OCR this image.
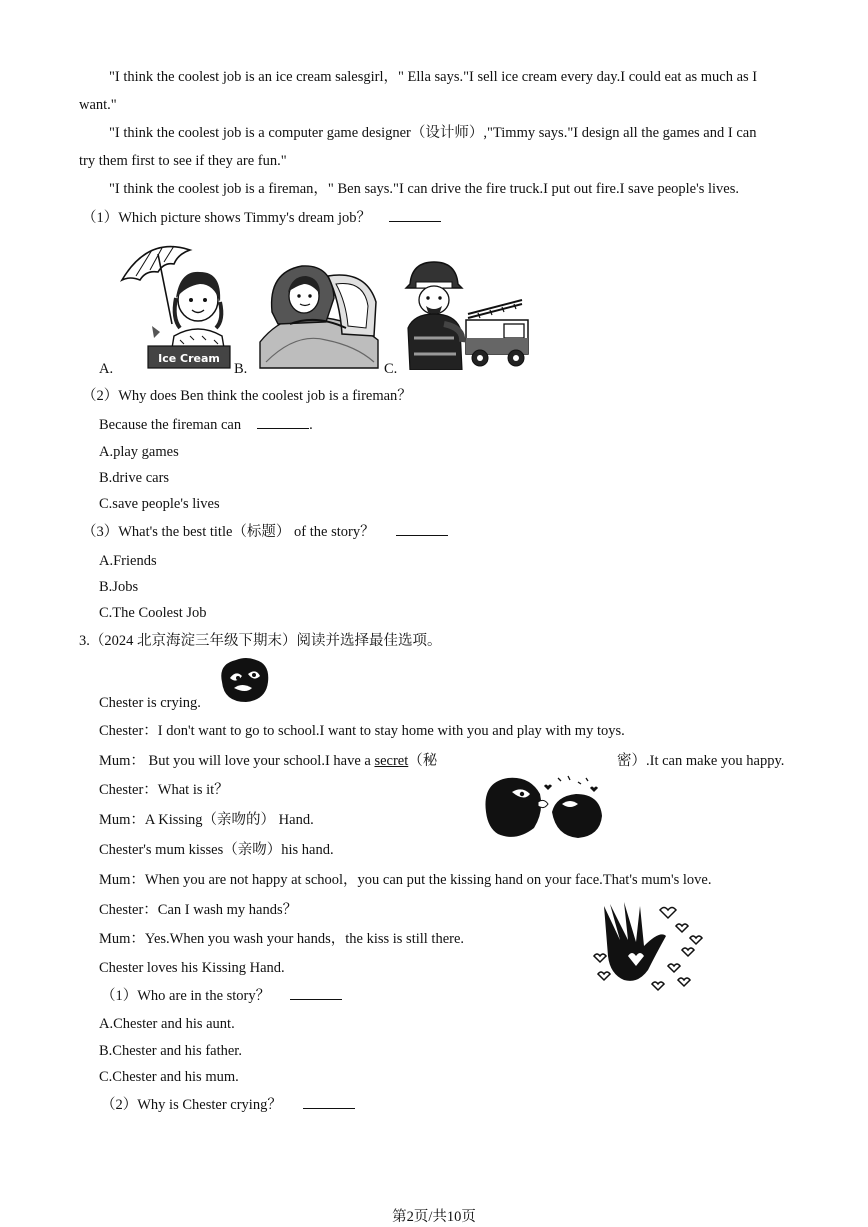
"I think the coolest job is an ice cream salesgirl，" Ella says."I sell ice cream every day.I could eat as much as I
want."
"I think the coolest job is a computer game designer（设计师）,"Timmy says."I design all the games and I can
try them first to see if they are fun."
"I think the coolest job is a fireman，" Ben says."I can drive the fire truck.I put out fire.I save people's lives.
（1）Which picture shows Timmy's dream job？
Ice Cream
A.	B.	C.
（2）Why does Ben think the coolest job is a fireman？
Because the fireman can	.
A.play games
B.drive cars
C.save people's lives
（3）What's the best title（标题） of the story？
A.Friends
B.Jobs
C.The Coolest Job
3.（2024 北京海淀三年级下期末）阅读并选择最佳选项。
Chester is crying.
Chester：I don't want to go to school.I want to stay home with you and play with my toys.
Mum： But you will love your school.I have a secret（秘	密）.It can make you happy.
Chester：What is it？
Mum：A Kissing（亲吻的） Hand.
Chester's mum kisses（亲吻）his hand.
Mum：When you are not happy at school，you can put the kissing hand on your face.That's mum's love.
Chester：Can I wash my hands？
Mum：Yes.When you wash your hands，the kiss is still there.
Chester loves his Kissing Hand.
（1）Who are in the story？
A.Chester and his aunt.
B.Chester and his father.
C.Chester and his mum.
（2）Why is Chester crying？
第2页/共10页
